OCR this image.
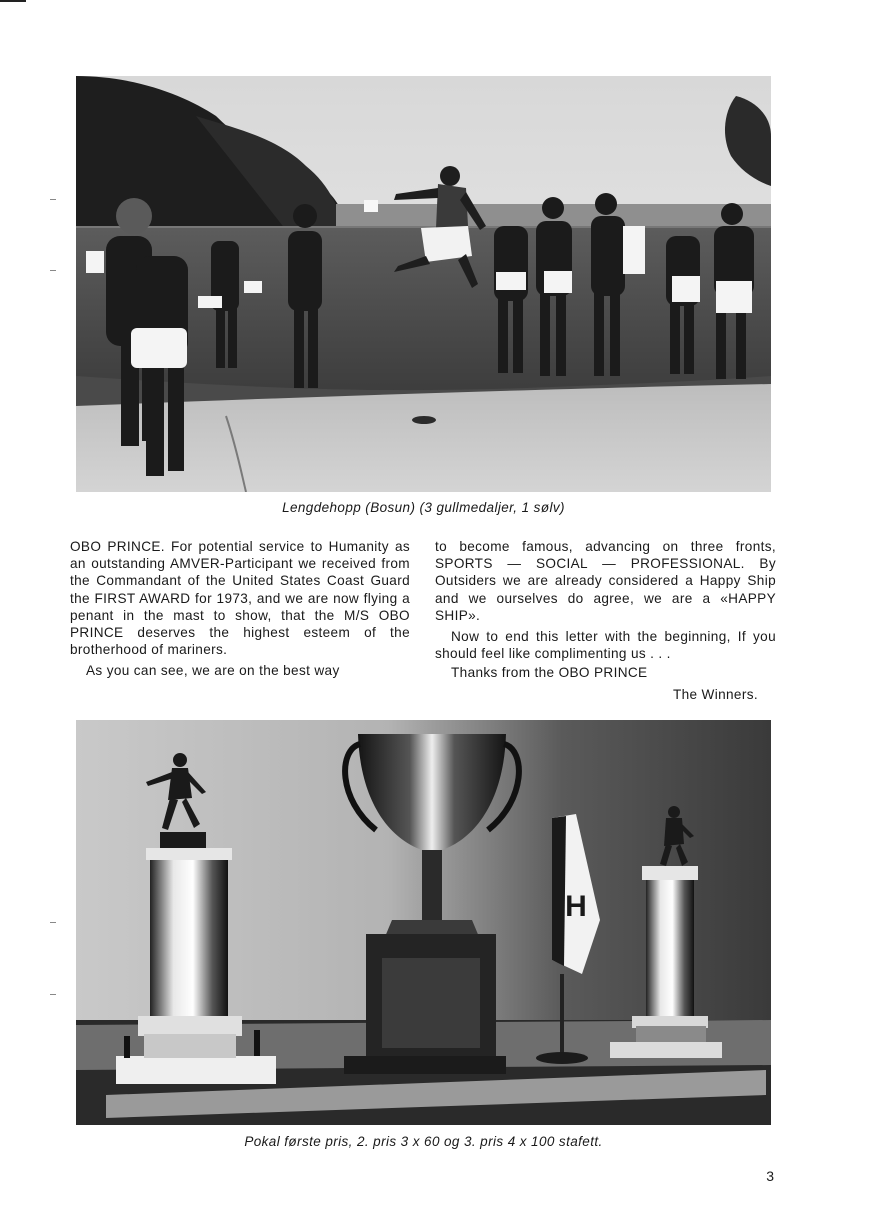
Lengdehopp (Bosun) (3 gullmedaljer, 1 sølv)

OBO PRINCE. For potential service to Humanity as an outstanding AMVER-Participant we received from the Commandant of the United States Coast Guard the FIRST AWARD for 1973, and we are now flying a penant in the mast to show, that the M/S OBO PRINCE deserves the highest esteem of the brotherhood of mariners.

As you can see, we are on the best way

to become famous, advancing on three fronts, SPORTS — SOCIAL — PROFESSIONAL. By Outsiders we are already considered a Happy Ship and we ourselves do agree, we are a «HAPPY SHIP».

Now to end this letter with the beginning, If you should feel like complimenting us . . .

Thanks from the OBO PRINCE

The Winners.

H
Pokal første pris, 2. pris 3 x 60 og 3. pris 4 x 100 stafett.
3
